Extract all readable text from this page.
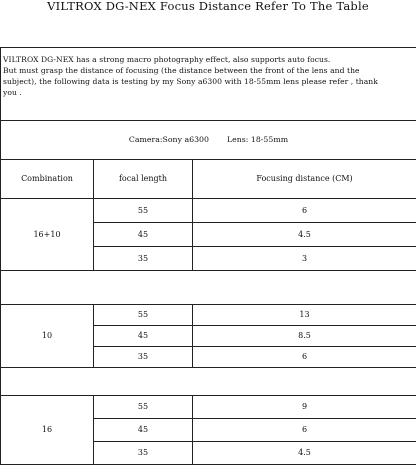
VILTROX DG-NEX Focus Distance Refer To The Table
VILTROX DG-NEX has a strong macro photography effect, also supports auto focus.
But must grasp the distance of focusing (the distance between the front of the lens and the
subject), the following data is testing by my Sony a6300 with 18-55mm lens please refer , thank
you .		

Camera:Sony a6300 Lens: 18-55mm		
Combination	focal length	Focusing distance (CM)
16+10	55	6
	45	4.5
	35	3

10	55	13
	45	8.5
	35	6

16	55	9
	45	6
	35	4.5
